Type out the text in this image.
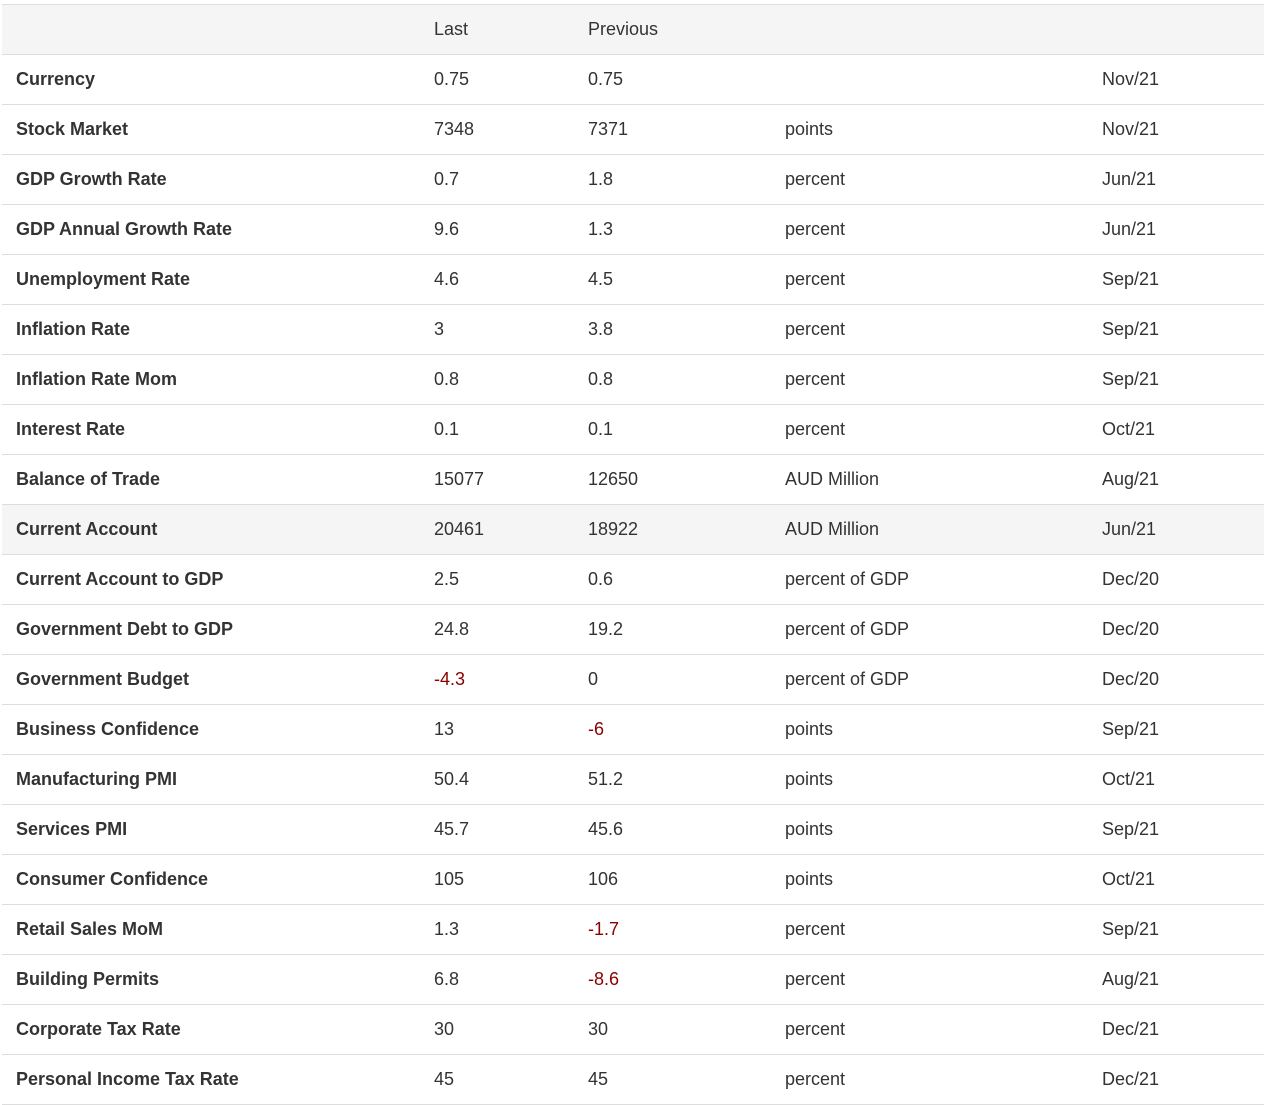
	Last	Previous		
Currency	0.75	0.75		Nov/21
Stock Market	7348	7371	points	Nov/21
GDP Growth Rate	0.7	1.8	percent	Jun/21
GDP Annual Growth Rate	9.6	1.3	percent	Jun/21
Unemployment Rate	4.6	4.5	percent	Sep/21
Inflation Rate	3	3.8	percent	Sep/21
Inflation Rate Mom	0.8	0.8	percent	Sep/21
Interest Rate	0.1	0.1	percent	Oct/21
Balance of Trade	15077	12650	AUD Million	Aug/21
Current Account	20461	18922	AUD Million	Jun/21
Current Account to GDP	2.5	0.6	percent of GDP	Dec/20
Government Debt to GDP	24.8	19.2	percent of GDP	Dec/20
Government Budget	-4.3	0	percent of GDP	Dec/20
Business Confidence	13	-6	points	Sep/21
Manufacturing PMI	50.4	51.2	points	Oct/21
Services PMI	45.7	45.6	points	Sep/21
Consumer Confidence	105	106	points	Oct/21
Retail Sales MoM	1.3	-1.7	percent	Sep/21
Building Permits	6.8	-8.6	percent	Aug/21
Corporate Tax Rate	30	30	percent	Dec/21
Personal Income Tax Rate	45	45	percent	Dec/21
